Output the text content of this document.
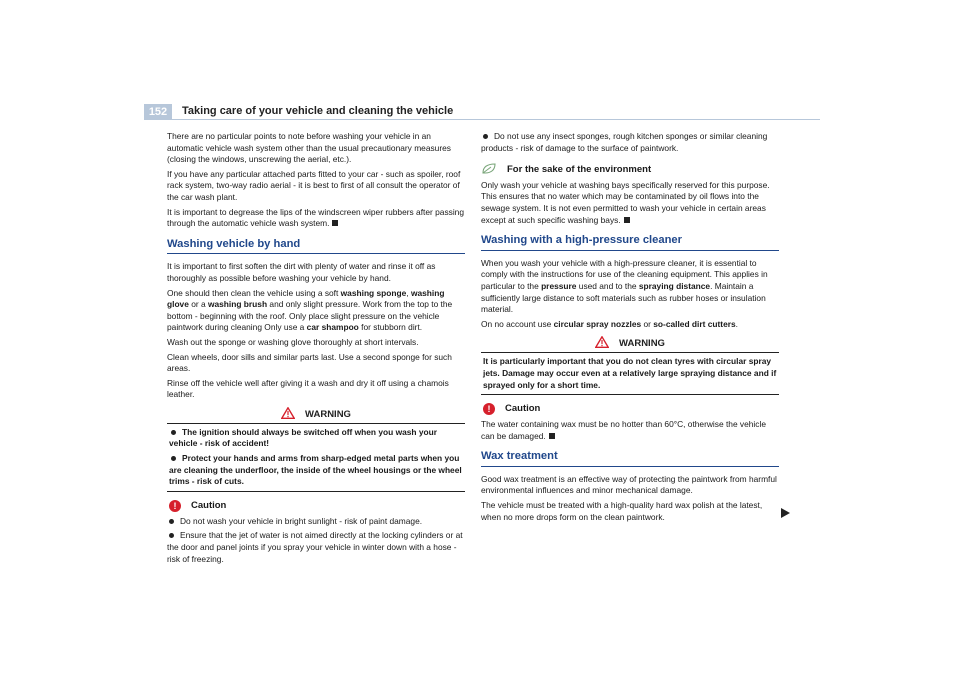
152	Taking care of your vehicle and cleaning the vehicle

There are no particular points to note before washing your vehicle in an automatic vehicle wash system other than the usual precautionary measures (closing the windows, unscrewing the aerial, etc.).

If you have any particular attached parts fitted to your car - such as spoiler, roof rack system, two-way radio aerial - it is best to first of all consult the operator of the car wash plant.

It is important to degrease the lips of the windscreen wiper rubbers after passing through the automatic vehicle wash system.

Washing vehicle by hand

It is important to first soften the dirt with plenty of water and rinse it off as thoroughly as possible before washing your vehicle by hand.

One should then clean the vehicle using a soft washing sponge, washing glove or a washing brush and only slight pressure. Work from the top to the bottom - beginning with the roof. Only place slight pressure on the vehicle paintwork during cleaning Only use a car shampoo for stubborn dirt.

Wash out the sponge or washing glove thoroughly at short intervals.

Clean wheels, door sills and similar parts last. Use a second sponge for such areas.

Rinse off the vehicle well after giving it a wash and dry it off using a chamois leather.

WARNING

The ignition should always be switched off when you wash your vehicle - risk of accident!

Protect your hands and arms from sharp-edged metal parts when you are cleaning the underfloor, the inside of the wheel housings or the wheel trims - risk of cuts.

! Caution

Do not wash your vehicle in bright sunlight - risk of paint damage.

Ensure that the jet of water is not aimed directly at the locking cylinders or at the door and panel joints if you spray your vehicle in winter down with a hose - risk of freezing.

Do not use any insect sponges, rough kitchen sponges or similar cleaning products - risk of damage to the surface of paintwork.

For the sake of the environment

Only wash your vehicle at washing bays specifically reserved for this purpose. This ensures that no water which may be contaminated by oil flows into the sewage system. It is not even permitted to wash your vehicle in certain areas except at such specific washing bays.

Washing with a high-pressure cleaner

When you wash your vehicle with a high-pressure cleaner, it is essential to comply with the instructions for use of the cleaning equipment. This applies in particular to the pressure used and to the spraying distance. Maintain a sufficiently large distance to soft materials such as rubber hoses or insulation material.

On no account use circular spray nozzles or so-called dirt cutters.

WARNING
It is particularly important that you do not clean tyres with circular spray jets. Damage may occur even at a relatively large spraying distance and if sprayed only for a short time.
! Caution

The water containing wax must be no hotter than 60°C, otherwise the vehicle can be damaged.

Wax treatment

Good wax treatment is an effective way of protecting the paintwork from harmful environmental influences and minor mechanical damage.

The vehicle must be treated with a high-quality hard wax polish at the latest, when no more drops form on the clean paintwork.
